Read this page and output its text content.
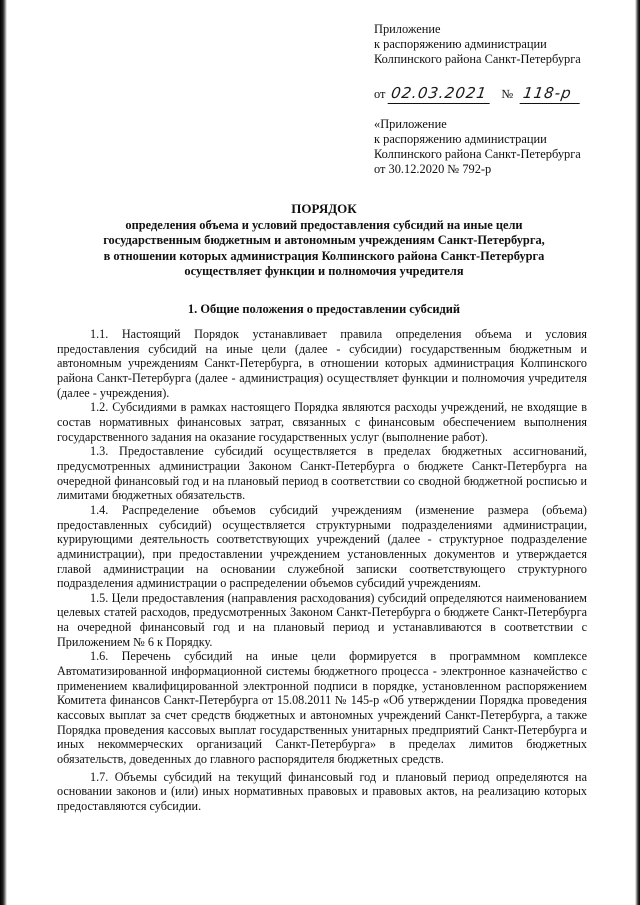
Приложение
к распоряжению администрации
Колпинского района Санкт-Петербурга
от 02.03.2021 № 118-р
«Приложение
к распоряжению администрации
Колпинского района Санкт-Петербурга
от 30.12.2020 № 792-р
ПОРЯДОК
определения объема и условий предоставления субсидий на иные цели
государственным бюджетным и автономным учреждениям Санкт-Петербурга,
в отношении которых администрация Колпинского района Санкт-Петербурга
осуществляет функции и полномочия учредителя
1. Общие положения о предоставлении субсидий

1.1. Настоящий Порядок устанавливает правила определения объема и условия предоставления субсидий на иные цели (далее - субсидии) государственным бюджетным и автономным учреждениям Санкт-Петербурга, в отношении которых администрация Колпинского района Санкт-Петербурга (далее - администрация) осуществляет функции и полномочия учредителя (далее - учреждения).

1.2. Субсидиями в рамках настоящего Порядка являются расходы учреждений, не входящие в состав нормативных финансовых затрат, связанных с финансовым обеспечением выполнения государственного задания на оказание государственных услуг (выполнение работ).

1.3. Предоставление субсидий осуществляется в пределах бюджетных ассигнований, предусмотренных администрации Законом Санкт-Петербурга о бюджете Санкт-Петербурга на очередной финансовый год и на плановый период в соответствии со сводной бюджетной росписью и лимитами бюджетных обязательств.

1.4. Распределение объемов субсидий учреждениям (изменение размера (объема) предоставленных субсидий) осуществляется структурными подразделениями администрации, курирующими деятельность соответствующих учреждений (далее - структурное подразделение администрации), при предоставлении учреждением установленных документов и утверждается главой администрации на основании служебной записки соответствующего структурного подразделения администрации о распределении объемов субсидий учреждениям.

1.5. Цели предоставления (направления расходования) субсидий определяются наименованием целевых статей расходов, предусмотренных Законом Санкт-Петербурга о бюджете Санкт-Петербурга на очередной финансовый год и на плановый период и устанавливаются в соответствии с Приложением № 6 к Порядку.

1.6. Перечень субсидий на иные цели формируется в программном комплексе Автоматизированной информационной системы бюджетного процесса - электронное казначейство с применением квалифицированной электронной подписи в порядке, установленном распоряжением Комитета финансов Санкт-Петербурга от 15.08.2011 № 145-р «Об утверждении Порядка проведения кассовых выплат за счет средств бюджетных и автономных учреждений Санкт-Петербурга, а также Порядка проведения кассовых выплат государственных унитарных предприятий Санкт-Петербурга и иных некоммерческих организаций Санкт-Петербурга» в пределах лимитов бюджетных обязательств, доведенных до главного распорядителя бюджетных средств.

1.7. Объемы субсидий на текущий финансовый год и плановый период определяются на основании законов и (или) иных нормативных правовых и правовых актов, на реализацию которых предоставляются субсидии.
